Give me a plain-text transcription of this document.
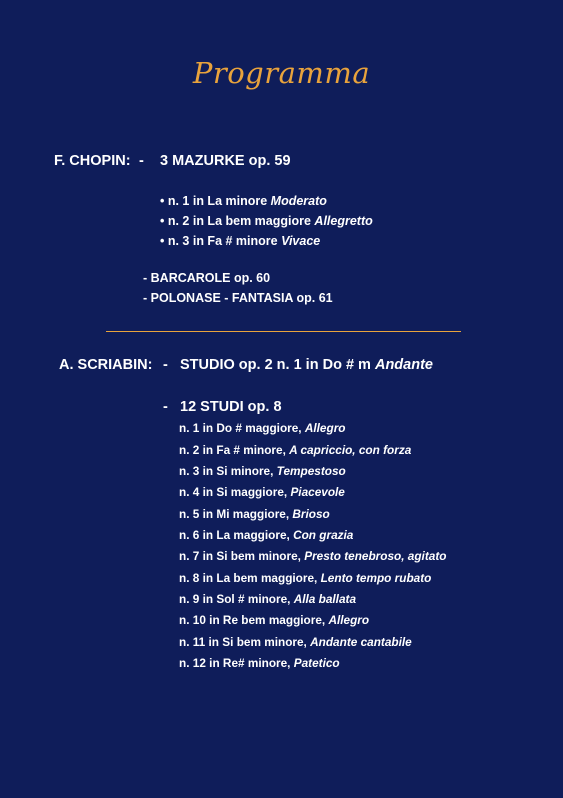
Programma
F. CHOPIN: - 3 MAZURKE op. 59
• n. 1 in La minore Moderato
• n. 2 in La bem maggiore Allegretto
• n. 3 in Fa # minore Vivace
- BARCAROLE op. 60
- POLONASE - FANTASIA op. 61
A. SCRIABIN: - STUDIO op. 2 n. 1 in Do # m Andante
- 12 STUDI op. 8
n. 1 in Do # maggiore, Allegro
n. 2 in Fa # minore, A capriccio, con forza
n. 3 in Si minore, Tempestoso
n. 4 in Si maggiore, Piacevole
n. 5 in Mi maggiore, Brioso
n. 6 in La maggiore, Con grazia
n. 7 in Si bem minore, Presto tenebroso, agitato
n. 8 in La bem maggiore, Lento tempo rubato
n. 9 in Sol # minore, Alla ballata
n. 10 in Re bem maggiore, Allegro
n. 11 in Si bem minore, Andante cantabile
n. 12 in Re# minore, Patetico
